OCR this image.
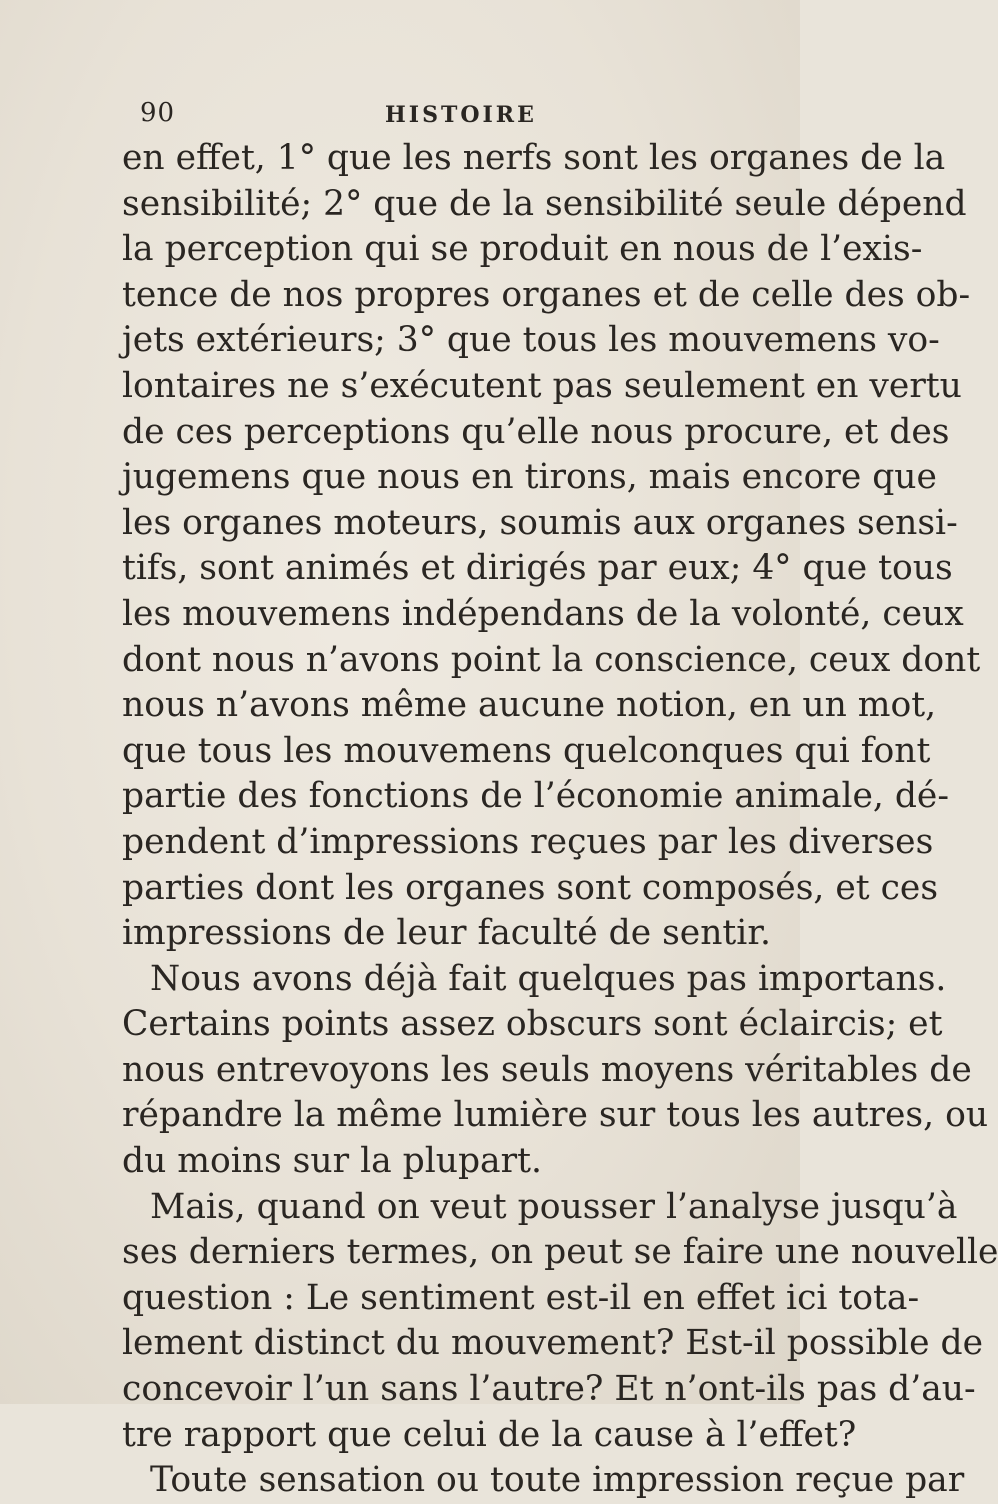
90	HISTOIRE
en effet, 1° que les nerfs sont les organes de la
sensibilité; 2° que de la sensibilité seule dépend
la perception qui se produit en nous de l’exis-
tence de nos propres organes et de celle des ob-
jets extérieurs; 3° que tous les mouvemens vo-
lontaires ne s’exécutent pas seulement en vertu
de ces perceptions qu’elle nous procure, et des
jugemens que nous en tirons, mais encore que
les organes moteurs, soumis aux organes sensi-
tifs, sont animés et dirigés par eux; 4° que tous
les mouvemens indépendans de la volonté, ceux
dont nous n’avons point la conscience, ceux dont
nous n’avons même aucune notion, en un mot,
que tous les mouvemens quelconques qui font
partie des fonctions de l’économie animale, dé-
pendent d’impressions reçues par les diverses
parties dont les organes sont composés, et ces
impressions de leur faculté de sentir.
Nous avons déjà fait quelques pas importans.
Certains points assez obscurs sont éclaircis; et
nous entrevoyons les seuls moyens véritables de
répandre la même lumière sur tous les autres, ou
du moins sur la plupart.
Mais, quand on veut pousser l’analyse jusqu’à
ses derniers termes, on peut se faire une nouvelle
question : Le sentiment est-il en effet ici tota-
lement distinct du mouvement? Est-il possible de
concevoir l’un sans l’autre? Et n’ont-ils pas d’au-
tre rapport que celui de la cause à l’effet?
Toute sensation ou toute impression reçue par
